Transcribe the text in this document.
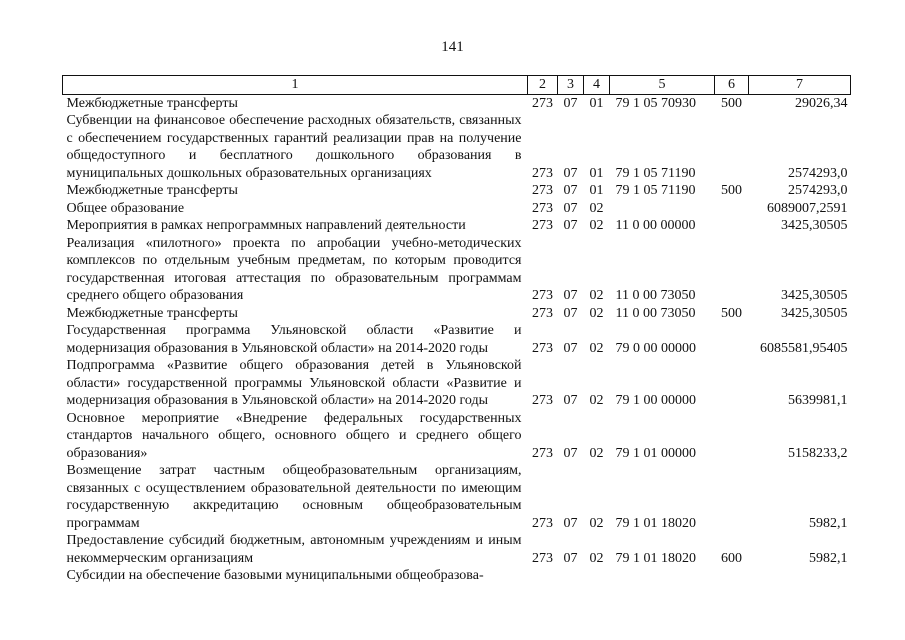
141
1	2	3	4	5	6	7
Межбюджетные трансферты	273	07	01	79 1 05 70930	500	29026,34
Субвенции на финансовое обеспечение расходных обязательств, связанных с обеспечением государственных гарантий реализации прав на получение общедоступного и бесплатного дошкольного образования в муниципальных дошкольных образовательных организациях	273	07	01	79 1 05 71190		2574293,0
Межбюджетные трансферты	273	07	01	79 1 05 71190	500	2574293,0
Общее образование	273	07	02			6089007,2591
Мероприятия в рамках непрограммных направлений деятельности	273	07	02	11 0 00 00000		3425,30505
Реализация «пилотного» проекта по апробации учебно-методических комплексов по отдельным учебным предметам, по которым проводится государственная итоговая аттестация по образовательным программам среднего общего образования	273	07	02	11 0 00 73050		3425,30505
Межбюджетные трансферты	273	07	02	11 0 00 73050	500	3425,30505
Государственная программа Ульяновской области «Развитие и модернизация образования в Ульяновской области» на 2014-2020 годы	273	07	02	79 0 00 00000		6085581,95405
Подпрограмма «Развитие общего образования детей в Ульяновской области» государственной программы Ульяновской области «Развитие и модернизация образования в Ульяновской области» на 2014-2020 годы	273	07	02	79 1 00 00000		5639981,1
Основное мероприятие «Внедрение федеральных государственных стандартов начального общего, основного общего и среднего общего образования»	273	07	02	79 1 01 00000		5158233,2
Возмещение затрат частным общеобразовательным организациям, связанных с осуществлением образовательной деятельности по имеющим государственную аккредитацию основным общеобразовательным программам	273	07	02	79 1 01 18020		5982,1
Предоставление субсидий бюджетным, автономным учреждениям и иным некоммерческим организациям	273	07	02	79 1 01 18020	600	5982,1
Субсидии на обеспечение базовыми муниципальными общеобразова-						
